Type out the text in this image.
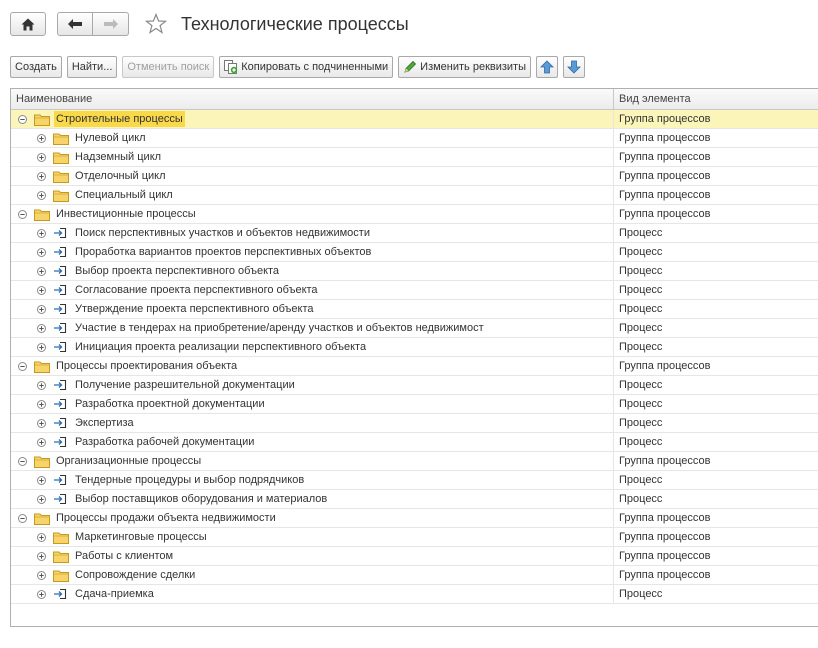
Технологические процессы
Создать	Найти...	Отменить поиск	Копировать с подчиненными	Изменить реквизиты
Наименование	Вид элемента
Строительные процессы	Группа процессов
Нулевой цикл	Группа процессов
Надземный цикл	Группа процессов
Отделочный цикл	Группа процессов
Специальный цикл	Группа процессов
Инвестиционные процессы	Группа процессов
Поиск перспективных участков и объектов недвижимости	Процесс
Проработка вариантов проектов перспективных объектов	Процесс
Выбор проекта перспективного объекта	Процесс
Согласование проекта перспективного объекта	Процесс
Утверждение проекта перспективного объекта	Процесс
Участие в тендерах на приобретение/аренду участков и объектов недвижимост	Процесс
Инициация проекта реализации перспективного объекта	Процесс
Процессы проектирования объекта	Группа процессов
Получение разрешительной документации	Процесс
Разработка проектной документации	Процесс
Экспертиза	Процесс
Разработка рабочей документации	Процесс
Организационные процессы	Группа процессов
Тендерные процедуры и выбор подрядчиков	Процесс
Выбор поставщиков оборудования и материалов	Процесс
Процессы продажи объекта недвижимости	Группа процессов
Маркетинговые процессы	Группа процессов
Работы с клиентом	Группа процессов
Сопровождение сделки	Группа процессов
Сдача-приемка	Процесс
